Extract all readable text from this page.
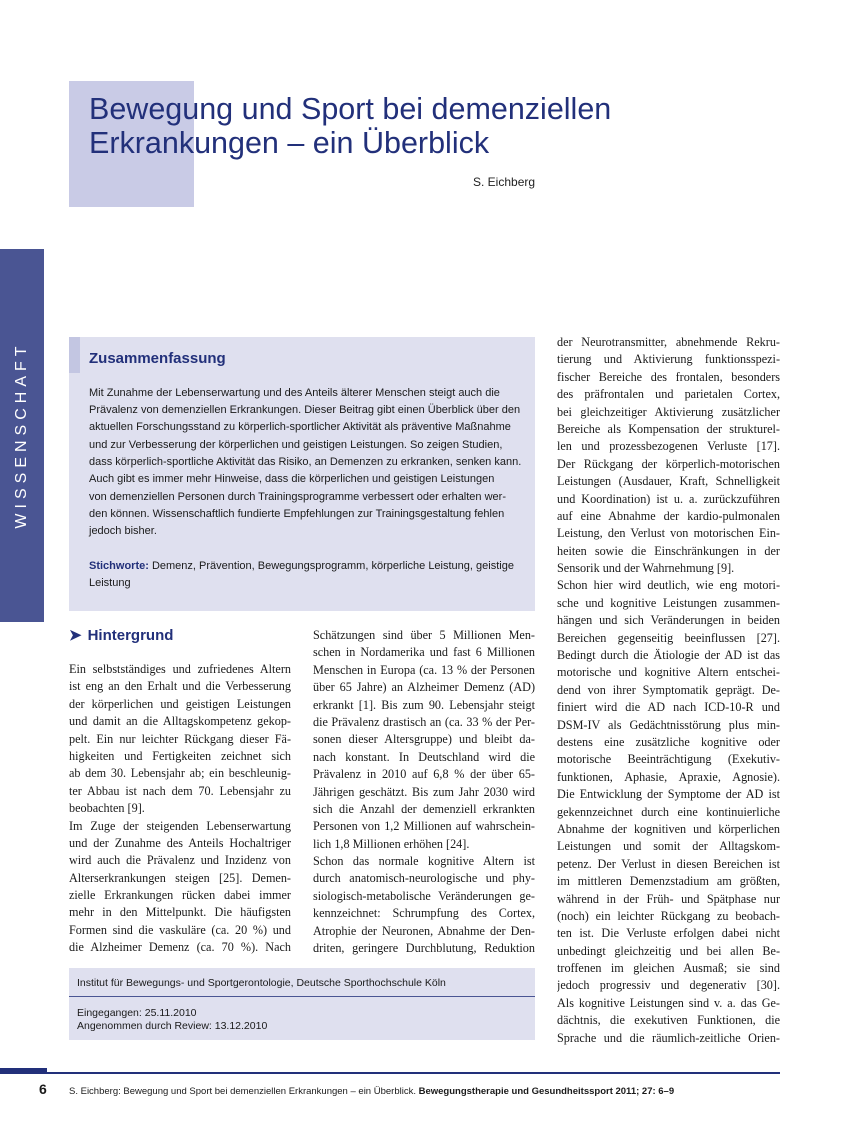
WISSENSCHAFT
Bewegung und Sport bei demenziellen
Erkrankungen – ein Überblick
S. Eichberg
Zusammenfassung
Mit Zunahme der Lebenserwartung und des Anteils älterer Menschen steigt auch die
Prävalenz von demenziellen Erkrankungen. Dieser Beitrag gibt einen Überblick über den
aktuellen Forschungsstand zu körperlich-sportlicher Aktivität als präventive Maßnahme
und zur Verbesserung der körperlichen und geistigen Leistungen. So zeigen Studien,
dass körperlich-sportliche Aktivität das Risiko, an Demenzen zu erkranken, senken kann.
Auch gibt es immer mehr Hinweise, dass die körperlichen und geistigen Leistungen
von demenziellen Personen durch Trainingsprogramme verbessert oder erhalten wer-
den können. Wissenschaftlich fundierte Empfehlungen zur Trainingsgestaltung fehlen
jedoch bisher.
Stichworte: Demenz, Prävention, Bewegungsprogramm, körperliche Leistung, geistige
Leistung
➤ Hintergrund

Ein selbstständiges und zufriedenes Altern

ist eng an den Erhalt und die Verbesserung

der körperlichen und geistigen Leistungen

und damit an die Alltagskompetenz gekop-

pelt. Ein nur leichter Rückgang dieser Fä-

higkeiten und Fertigkeiten zeichnet sich

ab dem 30. Lebensjahr ab; ein beschleunig-

ter Abbau ist nach dem 70. Lebensjahr zu

beobachten [9].

Im Zuge der steigenden Lebenserwartung

und der Zunahme des Anteils Hochaltriger

wird auch die Prävalenz und Inzidenz von

Alterserkrankungen steigen [25]. Demen-

zielle Erkrankungen rücken dabei immer

mehr in den Mittelpunkt. Die häufigsten

Formen sind die vaskuläre (ca. 20 %) und

die Alzheimer Demenz (ca. 70 %). Nach

Schätzungen sind über 5 Millionen Men-

schen in Nordamerika und fast 6 Millionen

Menschen in Europa (ca. 13 % der Personen

über 65 Jahre) an Alzheimer Demenz (AD)

erkrankt [1]. Bis zum 90. Lebensjahr steigt

die Prävalenz drastisch an (ca. 33 % der Per-

sonen dieser Altersgruppe) und bleibt da-

nach konstant. In Deutschland wird die

Prävalenz in 2010 auf 6,8 % der über 65-

Jährigen geschätzt. Bis zum Jahr 2030 wird

sich die Anzahl der demenziell erkrankten

Personen von 1,2 Millionen auf wahrschein-

lich 1,8 Millionen erhöhen [24].

Schon das normale kognitive Altern ist

durch anatomisch-neurologische und phy-

siologisch-metabolische Veränderungen ge-

kennzeichnet: Schrumpfung des Cortex,

Atrophie der Neuronen, Abnahme der Den-

driten, geringere Durchblutung, Reduktion

der Neurotransmitter, abnehmende Rekru-

tierung und Aktivierung funktionsspezi-

fischer Bereiche des frontalen, besonders

des präfrontalen und parietalen Cortex,

bei gleichzeitiger Aktivierung zusätzlicher

Bereiche als Kompensation der strukturel-

len und prozessbezogenen Verluste [17].

Der Rückgang der körperlich-motorischen

Leistungen (Ausdauer, Kraft, Schnelligkeit

und Koordination) ist u. a. zurückzuführen

auf eine Abnahme der kardio-pulmonalen

Leistung, den Verlust von motorischen Ein-

heiten sowie die Einschränkungen in der

Sensorik und der Wahrnehmung [9].

Schon hier wird deutlich, wie eng motori-

sche und kognitive Leistungen zusammen-

hängen und sich Veränderungen in beiden

Bereichen gegenseitig beeinflussen [27].

Bedingt durch die Ätiologie der AD ist das

motorische und kognitive Altern entschei-

dend von ihrer Symptomatik geprägt. De-

finiert wird die AD nach ICD-10-R und

DSM-IV als Gedächtnisstörung plus min-

destens eine zusätzliche kognitive oder

motorische Beeinträchtigung (Exekutiv-

funktionen, Aphasie, Apraxie, Agnosie).

Die Entwicklung der Symptome der AD ist

gekennzeichnet durch eine kontinuierliche

Abnahme der kognitiven und körperlichen

Leistungen und somit der Alltagskom-

petenz. Der Verlust in diesen Bereichen ist

im mittleren Demenzstadium am größten,

während in der Früh- und Spätphase nur

(noch) ein leichter Rückgang zu beobach-

ten ist. Die Verluste erfolgen dabei nicht

unbedingt gleichzeitig und bei allen Be-

troffenen im gleichen Ausmaß; sie sind

jedoch progressiv und degenerativ [30].

Als kognitive Leistungen sind v. a. das Ge-

dächtnis, die exekutiven Funktionen, die

Sprache und die räumlich-zeitliche Orien-

Institut für Bewegungs- und Sportgerontologie, Deutsche Sporthochschule Köln
Eingegangen: 25.11.2010
Angenommen durch Review: 13.12.2010
6 S. Eichberg: Bewegung und Sport bei demenziellen Erkrankungen – ein Überblick. Bewegungstherapie und Gesundheitssport 2011; 27: 6–9
